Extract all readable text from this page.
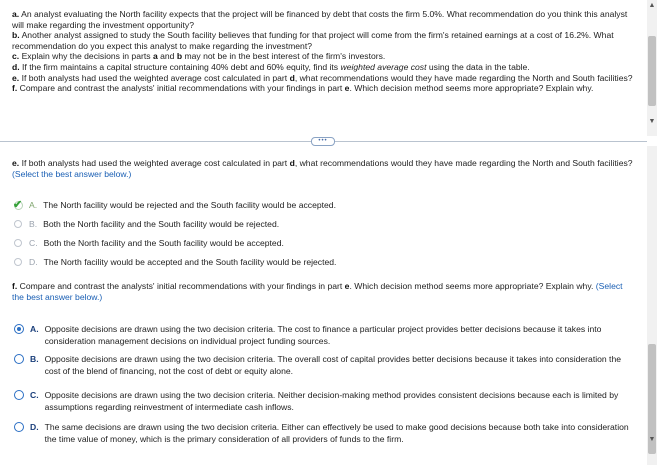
a. An analyst evaluating the North facility expects that the project will be financed by debt that costs the firm 5.0%. What recommendation do you think this analyst will make regarding the investment opportunity?

b. Another analyst assigned to study the South facility believes that funding for that project will come from the firm's retained earnings at a cost of 16.2%. What recommendation do you expect this analyst to make regarding the investment?

c. Explain why the decisions in parts a and b may not be in the best interest of the firm's investors.

d. If the firm maintains a capital structure containing 40% debt and 60% equity, find its weighted average cost using the data in the table.

e. If both analysts had used the weighted average cost calculated in part d, what recommendations would they have made regarding the North and South facilities?

f. Compare and contrast the analysts' initial recommendations with your findings in part e. Which decision method seems more appropriate? Explain why.

▲
▼
•••
e. If both analysts had used the weighted average cost calculated in part d, what recommendations would they have made regarding the North and South facilities? (Select the best answer below.)
✔ A. The North facility would be rejected and the South facility would be accepted.
B. Both the North facility and the South facility would be rejected.
C. Both the North facility and the South facility would be accepted.
D. The North facility would be accepted and the South facility would be rejected.
f. Compare and contrast the analysts' initial recommendations with your findings in part e. Which decision method seems more appropriate? Explain why. (Select the best answer below.)
A. Opposite decisions are drawn using the two decision criteria. The cost to finance a particular project provides better decisions because it takes into consideration management decisions on individual project funding sources.
B. Opposite decisions are drawn using the two decision criteria. The overall cost of capital provides better decisions because it takes into consideration the cost of the blend of financing, not the cost of debt or equity alone.
C. Opposite decisions are drawn using the two decision criteria. Neither decision-making method provides consistent decisions because each is limited by assumptions regarding reinvestment of intermediate cash inflows.
D. The same decisions are drawn using the two decision criteria. Either can effectively be used to make good decisions because both take into consideration the time value of money, which is the primary consideration of all providers of funds to the firm.	▼
